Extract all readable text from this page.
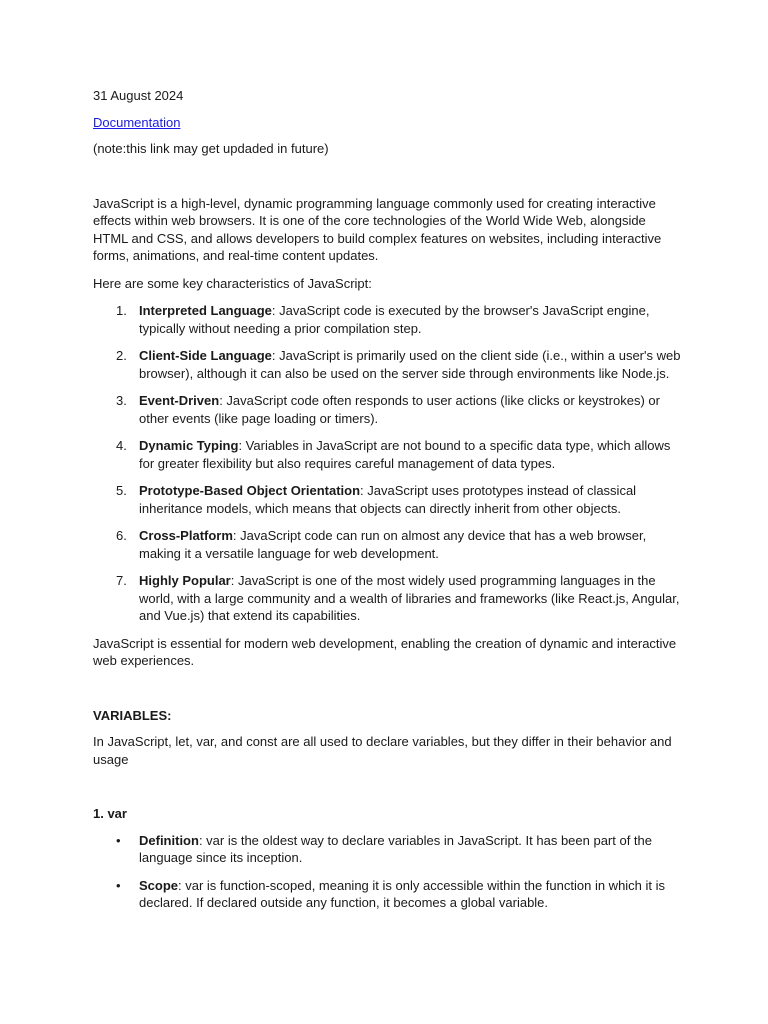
31 August 2024

Documentation

(note:this link may get updaded in future)

JavaScript is a high-level, dynamic programming language commonly used for creating interactive effects within web browsers. It is one of the core technologies of the World Wide Web, alongside HTML and CSS, and allows developers to build complex features on websites, including interactive forms, animations, and real-time content updates.

Here are some key characteristics of JavaScript:

1. Interpreted Language: JavaScript code is executed by the browser's JavaScript engine, typically without needing a prior compilation step.
2. Client-Side Language: JavaScript is primarily used on the client side (i.e., within a user's web browser), although it can also be used on the server side through environments like Node.js.
3. Event-Driven: JavaScript code often responds to user actions (like clicks or keystrokes) or other events (like page loading or timers).
4. Dynamic Typing: Variables in JavaScript are not bound to a specific data type, which allows for greater flexibility but also requires careful management of data types.
5. Prototype-Based Object Orientation: JavaScript uses prototypes instead of classical inheritance models, which means that objects can directly inherit from other objects.
6. Cross-Platform: JavaScript code can run on almost any device that has a web browser, making it a versatile language for web development.
7. Highly Popular: JavaScript is one of the most widely used programming languages in the world, with a large community and a wealth of libraries and frameworks (like React.js, Angular, and Vue.js) that extend its capabilities.

JavaScript is essential for modern web development, enabling the creation of dynamic and interactive web experiences.

VARIABLES:

In JavaScript, let, var, and const are all used to declare variables, but they differ in their behavior and usage

1. var

• Definition: var is the oldest way to declare variables in JavaScript. It has been part of the language since its inception.
• Scope: var is function-scoped, meaning it is only accessible within the function in which it is declared. If declared outside any function, it becomes a global variable.
